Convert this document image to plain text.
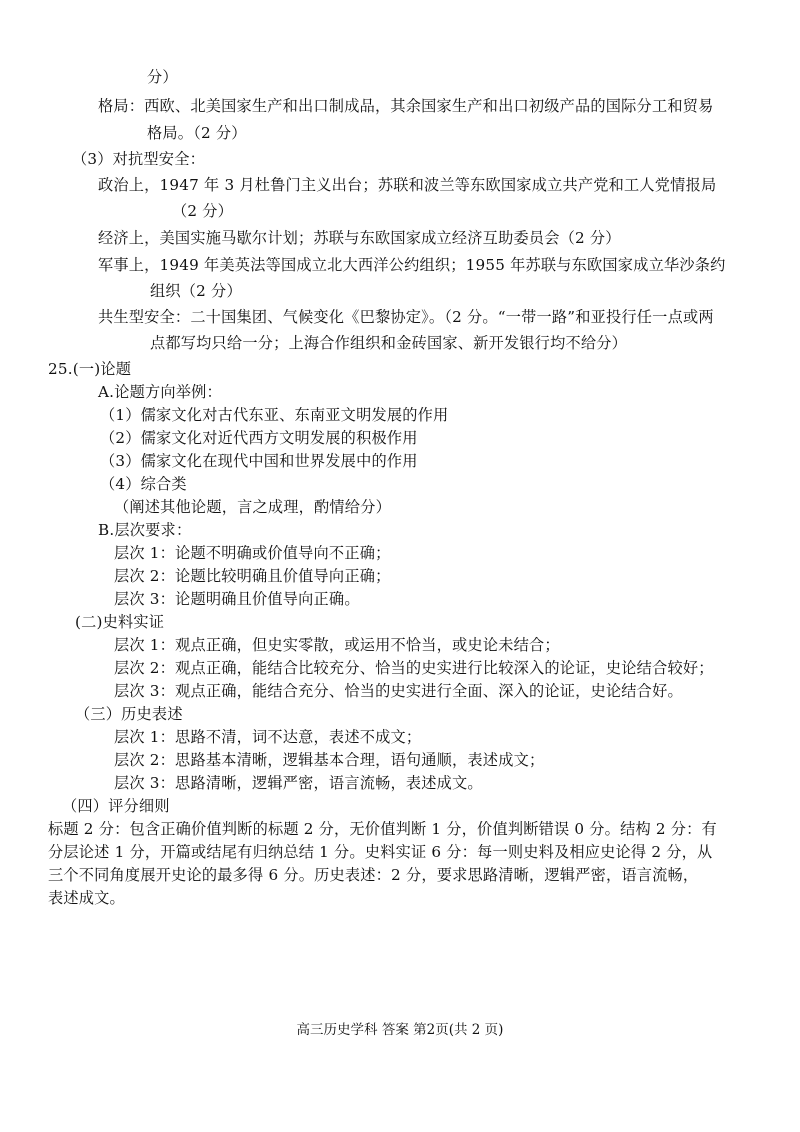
分）
格局：西欧、北美国家生产和出口制成品，其余国家生产和出口初级产品的国际分工和贸易
格局。（2 分）
（3）对抗型安全：
政治上，1947 年 3 月杜鲁门主义出台；苏联和波兰等东欧国家成立共产党和工人党情报局
（2 分）
经济上，美国实施马歇尔计划；苏联与东欧国家成立经济互助委员会（2 分）
军事上，1949 年美英法等国成立北大西洋公约组织；1955 年苏联与东欧国家成立华沙条约
组织（2 分）
共生型安全：二十国集团、气候变化《巴黎协定》。（2 分。“一带一路”和亚投行任一点或两
点都写均只给一分；上海合作组织和金砖国家、新开发银行均不给分）
25.(一)论题
A.论题方向举例：
（1）儒家文化对古代东亚、东南亚文明发展的作用
（2）儒家文化对近代西方文明发展的积极作用
（3）儒家文化在现代中国和世界发展中的作用
（4）综合类
（阐述其他论题，言之成理，酌情给分）
B.层次要求：
层次 1：论题不明确或价值导向不正确；
层次 2：论题比较明确且价值导向正确；
层次 3：论题明确且价值导向正确。
(二)史料实证
层次 1：观点正确，但史实零散，或运用不恰当，或史论未结合；
层次 2：观点正确，能结合比较充分、恰当的史实进行比较深入的论证，史论结合较好；
层次 3：观点正确，能结合充分、恰当的史实进行全面、深入的论证，史论结合好。
（三）历史表述
层次 1：思路不清，词不达意，表述不成文；
层次 2：思路基本清晰，逻辑基本合理，语句通顺，表述成文；
层次 3：思路清晰，逻辑严密，语言流畅，表述成文。
（四）评分细则
标题 2 分：包含正确价值判断的标题 2 分，无价值判断 1 分，价值判断错误 0 分。结构 2 分：有
分层论述 1 分，开篇或结尾有归纳总结 1 分。史料实证 6 分：每一则史料及相应史论得 2 分，从
三个不同角度展开史论的最多得 6 分。历史表述：2 分，要求思路清晰，逻辑严密，语言流畅，
表述成文。
高三历史学科 答案 第2页(共 2 页)
